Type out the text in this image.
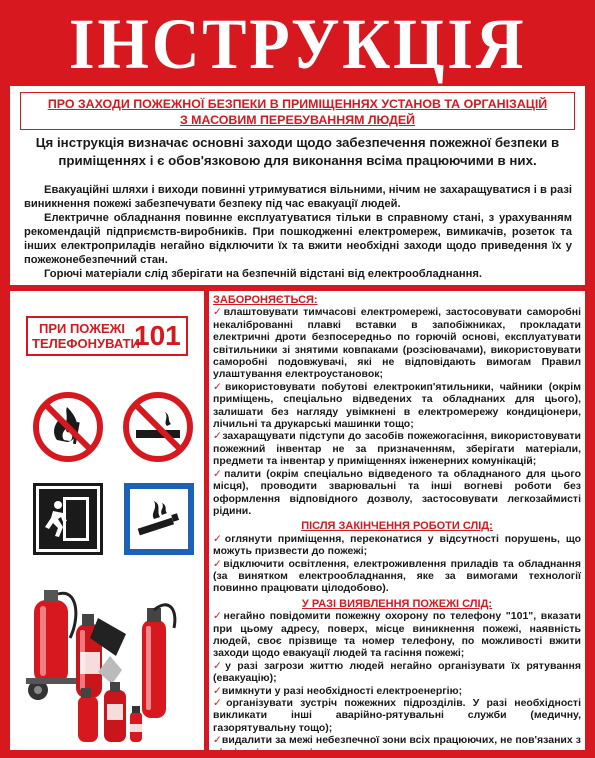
ІНСТРУКЦІЯ
ПРО ЗАХОДИ ПОЖЕЖНОЇ БЕЗПЕКИ В ПРИМІЩЕННЯХ УСТАНОВ ТА ОРГАНІЗАЦІЙ
З МАСОВИМ ПЕРЕБУВАННЯМ ЛЮДЕЙ
Ця інструкція визначає основні заходи щодо забезпечення пожежної безпеки в приміщеннях і є обов'язковою для виконання всіма працюючими в них.

Евакуаційні шляхи і виходи повинні утримуватися вільними, нічим не захаращуватися і в разі виникнення пожежі забезпечувати безпеку під час евакуації людей.

Електричне обладнання повинне експлуатуватися тільки в справному стані, з урахуванням рекомендацій підприємств-виробників. При пошкодженні електромереж, вимикачів, розеток та інших електроприладів негайно відключити їх та вжити необхідні заходи щодо приведення їх у пожежонебезпечний стан.

Горючі матеріали слід зберігати на безпечній відстані від електрообладнання.

ПРИ ПОЖЕЖІ
ТЕЛЕФОНУВАТИ
101
ЗАБОРОНЯЄТЬСЯ:
✓влаштовувати тимчасові електромережі, застосовувати саморобні некаліброванні плавкі вставки в запобіжниках, прокладати електричні дроти безпосередньо по горючій основі, експлуатувати світильники зі знятими ковпаками (розсіювачами), використовувати саморобні подовжувачі, які не відповідають вимогам Правил улаштування електроустановок;
✓використовувати побутові електрокип'ятильники, чайники (окрім приміщень, спеціально відведених та обладнаних для цього), залишати без нагляду увімкнені в електромережу кондиціонери, лічильні та друкарські машинки тощо;
✓захаращувати підступи до засобів пожежогасіння, використовувати пожежний інвентар не за призначенням, зберігати матеріали, предмети та інвентар у приміщеннях інженерних комунікацій;
✓палити (окрім спеціально відведеного та обладнаного для цього місця), проводити зварювальні та інші вогневі роботи без оформлення відповідного дозволу, застосовувати легкозаймисті рідини.
ПІСЛЯ ЗАКІНЧЕННЯ РОБОТИ СЛІД:
✓оглянути приміщення, переконатися у відсутності порушень, що можуть призвести до пожежі;
✓відключити освітлення, електроживлення приладів та обладнання (за винятком електрообладнання, яке за вимогами технології повинно працювати цілодобово).
У РАЗІ ВИЯВЛЕННЯ ПОЖЕЖІ СЛІД:
✓негайно повідомити пожежну охорону по телефону "101", вказати при цьому адресу, поверх, місце виникнення пожежі, наявність людей, своє прізвище та номер телефону, по можливості вжити заходи щодо евакуації людей та гасіння пожежі;
✓у разі загрози життю людей негайно організувати їх рятування (евакуацію);
✓вимкнути у разі необхідності електроенергію;
✓організувати зустріч пожежних підрозділів. У разі необхідності викликати інші аварійно-рятувальні служби (медичну, газорятувальну тощо);
✓видалити за межі небезпечної зони всіх працюючих, не пов'язаних з
